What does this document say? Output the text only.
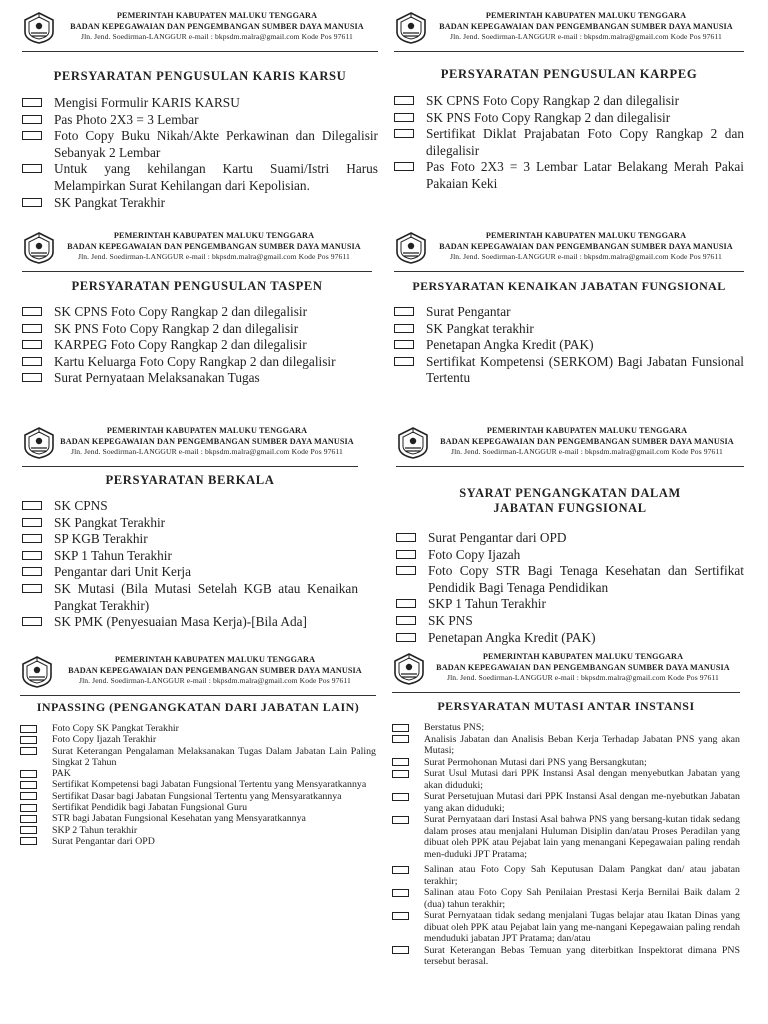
PEMERINTAH KABUPATEN MALUKU TENGGARA
BADAN KEPEGAWAIAN DAN PENGEMBANGAN SUMBER DAYA MANUSIA
Jln. Jend. Soedirman-LANGGUR e-mail : bkpsdm.malra@gmail.com Kode Pos 97611
PERSYARATAN PENGUSULAN KARIS KARSU
Mengisi Formulir KARIS KARSU
Pas Photo 2X3 = 3 Lembar
Foto Copy Buku Nikah/Akte Perkawinan dan Dilegalisir Sebanyak 2 Lembar
Untuk yang kehilangan Kartu Suami/Istri Harus Melampirkan Surat Kehilangan dari Kepolisian.
SK Pangkat Terakhir
PEMERINTAH KABUPATEN MALUKU TENGGARA
BADAN KEPEGAWAIAN DAN PENGEMBANGAN SUMBER DAYA MANUSIA
Jln. Jend. Soedirman-LANGGUR e-mail : bkpsdm.malra@gmail.com Kode Pos 97611
PERSYARATAN PENGUSULAN KARPEG
SK CPNS Foto Copy Rangkap 2 dan dilegalisir
SK PNS Foto Copy Rangkap 2 dan dilegalisir
Sertifikat Diklat Prajabatan Foto Copy Rangkap 2 dan dilegalisir
Pas Foto 2X3 = 3 Lembar Latar Belakang Merah Pakai Pakaian Keki
PEMERINTAH KABUPATEN MALUKU TENGGARA
BADAN KEPEGAWAIAN DAN PENGEMBANGAN SUMBER DAYA MANUSIA
Jln. Jend. Soedirman-LANGGUR e-mail : bkpsdm.malra@gmail.com Kode Pos 97611
PERSYARATAN PENGUSULAN TASPEN
SK CPNS Foto Copy Rangkap 2 dan dilegalisir
SK PNS Foto Copy Rangkap 2 dan dilegalisir
KARPEG Foto Copy Rangkap 2 dan dilegalisir
Kartu Keluarga Foto Copy Rangkap 2 dan dilegalisir
Surat Pernyataan Melaksanakan Tugas
PEMERINTAH KABUPATEN MALUKU TENGGARA
BADAN KEPEGAWAIAN DAN PENGEMBANGAN SUMBER DAYA MANUSIA
Jln. Jend. Soedirman-LANGGUR e-mail : bkpsdm.malra@gmail.com Kode Pos 97611
PERSYARATAN KENAIKAN JABATAN FUNGSIONAL
Surat Pengantar
SK Pangkat terakhir
Penetapan Angka Kredit (PAK)
Sertifikat Kompetensi (SERKOM) Bagi Jabatan Funsional Tertentu
PEMERINTAH KABUPATEN MALUKU TENGGARA
BADAN KEPEGAWAIAN DAN PENGEMBANGAN SUMBER DAYA MANUSIA
Jln. Jend. Soedirman-LANGGUR e-mail : bkpsdm.malra@gmail.com Kode Pos 97611
PERSYARATAN BERKALA
SK CPNS
SK Pangkat Terakhir
SP KGB Terakhir
SKP 1 Tahun Terakhir
Pengantar dari Unit Kerja
SK Mutasi (Bila Mutasi Setelah KGB atau Kenaikan Pangkat Terakhir)
SK PMK (Penyesuaian Masa Kerja)-[Bila Ada]
PEMERINTAH KABUPATEN MALUKU TENGGARA
BADAN KEPEGAWAIAN DAN PENGEMBANGAN SUMBER DAYA MANUSIA
Jln. Jend. Soedirman-LANGGUR e-mail : bkpsdm.malra@gmail.com Kode Pos 97611
SYARAT PENGANGKATAN DALAM
JABATAN FUNGSIONAL
Surat Pengantar dari OPD
Foto Copy Ijazah
Foto Copy STR Bagi Tenaga Kesehatan dan Sertifikat Pendidik Bagi Tenaga Pendidikan
SKP 1 Tahun Terakhir
SK PNS
Penetapan Angka Kredit (PAK)
PEMERINTAH KABUPATEN MALUKU TENGGARA
BADAN KEPEGAWAIAN DAN PENGEMBANGAN SUMBER DAYA MANUSIA
Jln. Jend. Soedirman-LANGGUR e-mail : bkpsdm.malra@gmail.com Kode Pos 97611
INPASSING (PENGANGKATAN DARI JABATAN LAIN)
Foto Copy SK Pangkat Terakhir
Foto Copy Ijazah Terakhir
Surat Keterangan Pengalaman Melaksanakan Tugas Dalam Jabatan Lain Paling Singkat 2 Tahun
PAK
Sertifikat Kompetensi bagi Jabatan Fungsional Tertentu yang Mensyaratkannya
Sertifikat Dasar bagi Jabatan Fungsional Tertentu yang Mensyaratkannya
Sertifikat Pendidik bagi Jabatan Fungsional Guru
STR bagi Jabatan Fungsional Kesehatan yang Mensyaratkannya
SKP 2 Tahun terakhir
Surat Pengantar dari OPD
PEMERINTAH KABUPATEN MALUKU TENGGARA
BADAN KEPEGAWAIAN DAN PENGEMBANGAN SUMBER DAYA MANUSIA
Jln. Jend. Soedirman-LANGGUR e-mail : bkpsdm.malra@gmail.com Kode Pos 97611
PERSYARATAN MUTASI ANTAR INSTANSI
Berstatus PNS;
Analisis Jabatan dan Analisis Beban Kerja Terhadap Jabatan PNS yang akan Mutasi;
Surat Permohonan Mutasi dari PNS yang Bersangkutan;
Surat Usul Mutasi dari PPK Instansi Asal dengan menyebutkan Jabatan yang akan diduduki;
Surat Persetujuan Mutasi dari PPK Instansi Asal dengan me-nyebutkan Jabatan yang akan diduduki;
Surat Pernyataan dari Instasi Asal bahwa PNS yang bersang-kutan tidak sedang dalam proses atau menjalani Huluman Disiplin dan/atau Proses Peradilan yang dibuat oleh PPK atau Pejabat lain yang menangani Kepegawaian paling rendah men-duduki JPT Pratama;
Salinan atau Foto Copy Sah Keputusan Dalam Pangkat dan/ atau jabatan terakhir;
Salinan atau Foto Copy Sah Penilaian Prestasi Kerja Bernilai Baik dalam 2 (dua) tahun terakhir;
Surat Pernyataan tidak sedang menjalani Tugas belajar atau Ikatan Dinas yang dibuat oleh PPK atau Pejabat lain yang me-nangani Kepegawaian paling rendah menduduki jabatan JPT Pratama; dan/atau
Surat Keterangan Bebas Temuan yang diterbitkan Inspektorat dimana PNS tersebut berasal.
